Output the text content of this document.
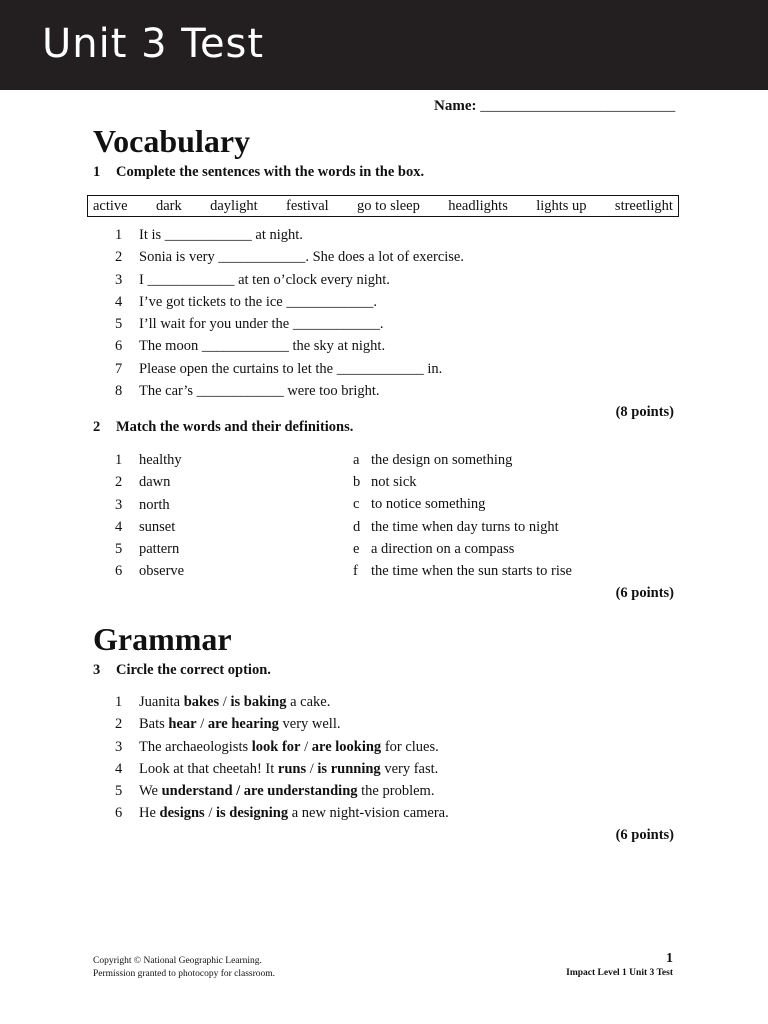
Unit 3 Test
Name: __________________________
Vocabulary
1 Complete the sentences with the words in the box.
active dark daylight festival go to sleep headlights lights up streetlight
1 It is ____________ at night.
2 Sonia is very ____________. She does a lot of exercise.
3 I ____________ at ten o’clock every night.
4 I’ve got tickets to the ice ____________.
5 I’ll wait for you under the ____________.
6 The moon ____________ the sky at night.
7 Please open the curtains to let the ____________ in.
8 The car’s ____________ were too bright.
(8 points)
2 Match the words and their definitions.
1 healthy
2 dawn
3 north
4 sunset
5 pattern
6 observe
a the design on something
b not sick
c to notice something
d the time when day turns to night
e a direction on a compass
f the time when the sun starts to rise
(6 points)
Grammar
3 Circle the correct option.
1 Juanita bakes / is baking a cake.
2 Bats hear / are hearing very well.
3 The archaeologists look for / are looking for clues.
4 Look at that cheetah! It runs / is running very fast.
5 We understand / are understanding the problem.
6 He designs / is designing a new night-vision camera.
(6 points)
Copyright © National Geographic Learning.
Permission granted to photocopy for classroom.
1
Impact Level 1 Unit 3 Test
